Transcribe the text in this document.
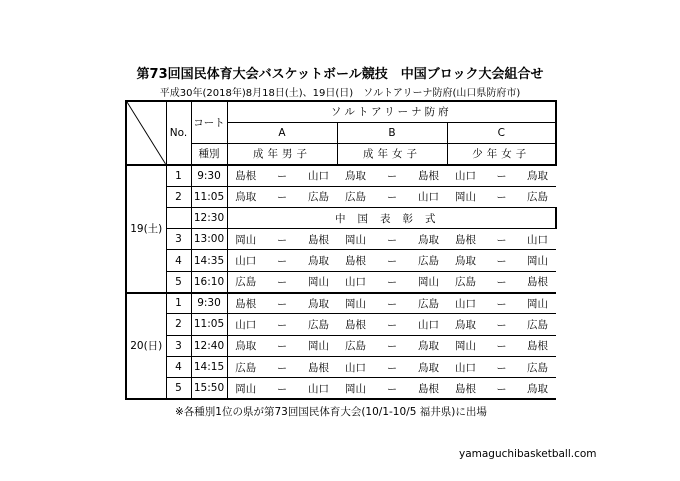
第73回国民体育大会バスケットボール競技　中国ブロック大会組合せ
平成30年(2018年)8月18日(土)、19日(日)　ソルトアリーナ防府(山口県防府市)
	No.	コート	ソルトアリーナ防府								
			A			B			C		
		種別	成年男子			成年女子			少年女子		
19(土)	1	9:30	島根	ー	山口	鳥取	ー	島根	山口	ー	鳥取
	2	11:05	鳥取	ー	広島	広島	ー	山口	岡山	ー	広島
		12:30	中国表彰式								
	3	13:00	岡山	ー	島根	岡山	ー	鳥取	島根	ー	山口
	4	14:35	山口	ー	鳥取	島根	ー	広島	鳥取	ー	岡山
	5	16:10	広島	ー	岡山	山口	ー	岡山	広島	ー	島根
20(日)	1	9:30	島根	ー	鳥取	岡山	ー	広島	山口	ー	岡山
	2	11:05	山口	ー	広島	島根	ー	山口	鳥取	ー	広島
	3	12:40	鳥取	ー	岡山	広島	ー	鳥取	岡山	ー	島根
	4	14:15	広島	ー	島根	山口	ー	鳥取	山口	ー	広島
	5	15:50	岡山	ー	山口	岡山	ー	島根	島根	ー	鳥取
※各種別1位の県が第73回国民体育大会(10/1-10/5 福井県)に出場
yamaguchibasketball.com
